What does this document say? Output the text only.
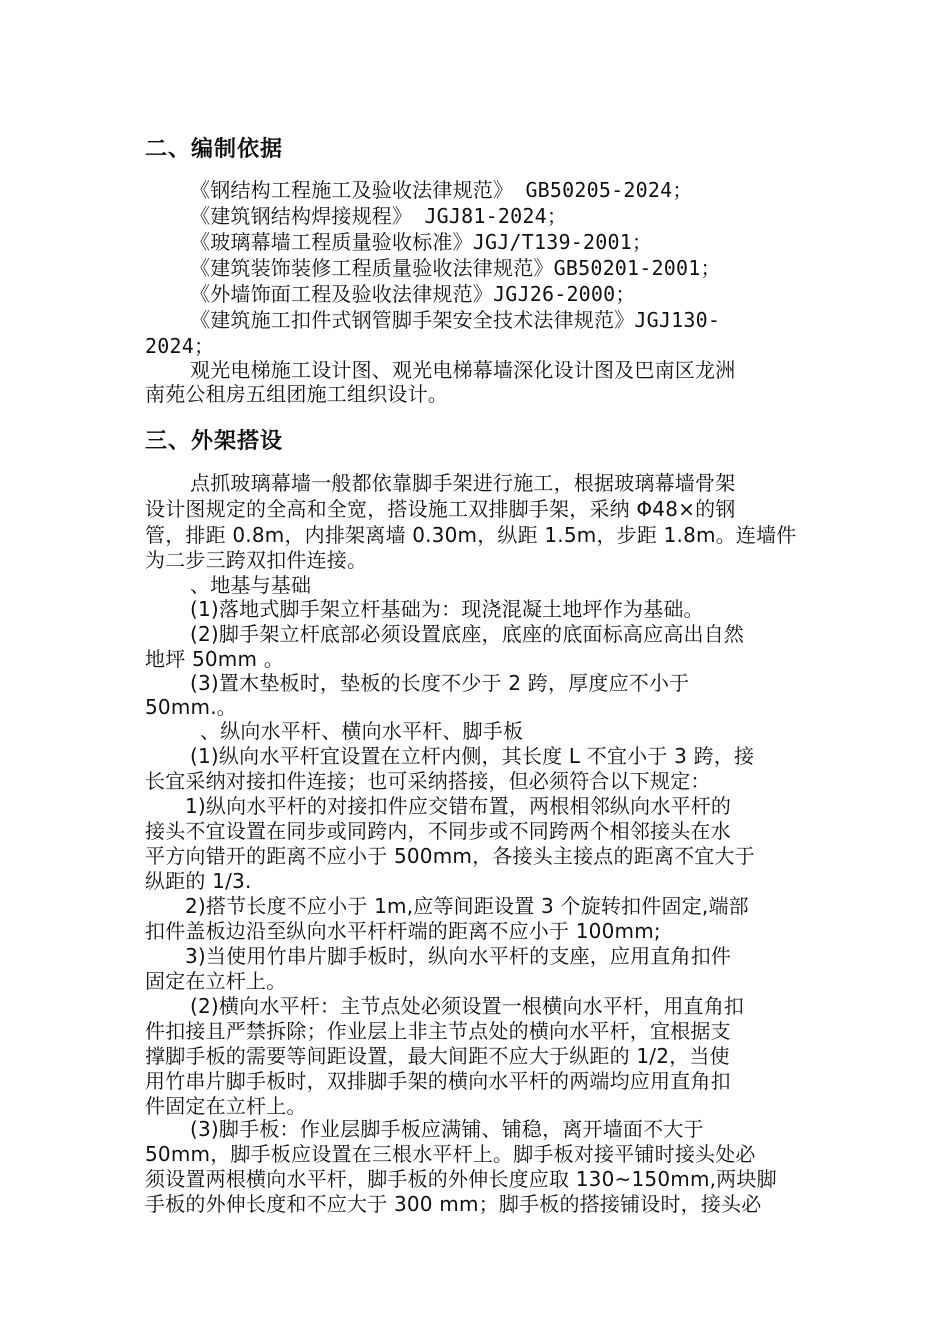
二、编制依据
《钢结构工程施工及验收法律规范》 GB50205-2024；
《建筑钢结构焊接规程》 JGJ81-2024；
《玻璃幕墙工程质量验收标准》JGJ/T139-2001；
《建筑装饰装修工程质量验收法律规范》GB50201-2001；
《外墙饰面工程及验收法律规范》JGJ26-2000；
《建筑施工扣件式钢管脚手架安全技术法律规范》JGJ130-
2024；
观光电梯施工设计图、观光电梯幕墙深化设计图及巴南区龙洲
南苑公租房五组团施工组织设计。
三、外架搭设
点抓玻璃幕墙一般都依靠脚手架进行施工，根据玻璃幕墙骨架
设计图规定的全高和全宽，搭设施工双排脚手架，采纳 Φ48×的钢
管，排距 0.8m，内排架离墙 0.30m，纵距 1.5m，步距 1.8m。连墙件
为二步三跨双扣件连接。
、地基与基础
(1)落地式脚手架立杆基础为：现浇混凝土地坪作为基础。
(2)脚手架立杆底部必须设置底座，底座的底面标高应高出自然
地坪 50mm 。
(3)置木垫板时，垫板的长度不少于 2 跨，厚度应不小于
50mm.。
、纵向水平杆、横向水平杆、脚手板
(1)纵向水平杆宜设置在立杆内侧，其长度 L 不宜小于 3 跨，接
长宜采纳对接扣件连接；也可采纳搭接，但必须符合以下规定：
1)纵向水平杆的对接扣件应交错布置，两根相邻纵向水平杆的
接头不宜设置在同步或同跨内，不同步或不同跨两个相邻接头在水
平方向错开的距离不应小于 500mm，各接头主接点的距离不宜大于
纵距的 1/3.
2)搭节长度不应小于 1m,应等间距设置 3 个旋转扣件固定,端部
扣件盖板边沿至纵向水平杆杆端的距离不应小于 100mm;
3)当使用竹串片脚手板时，纵向水平杆的支座，应用直角扣件
固定在立杆上。
(2)横向水平杆：主节点处必须设置一根横向水平杆，用直角扣
件扣接且严禁拆除；作业层上非主节点处的横向水平杆，宜根据支
撑脚手板的需要等间距设置，最大间距不应大于纵距的 1/2，当使
用竹串片脚手板时，双排脚手架的横向水平杆的两端均应用直角扣
件固定在立杆上。
(3)脚手板：作业层脚手板应满铺、铺稳，离开墙面不大于
50mm，脚手板应设置在三根水平杆上。脚手板对接平铺时接头处必
须设置两根横向水平杆，脚手板的外伸长度应取 130~150mm,两块脚
手板的外伸长度和不应大于 300 mm；脚手板的搭接铺设时，接头必
